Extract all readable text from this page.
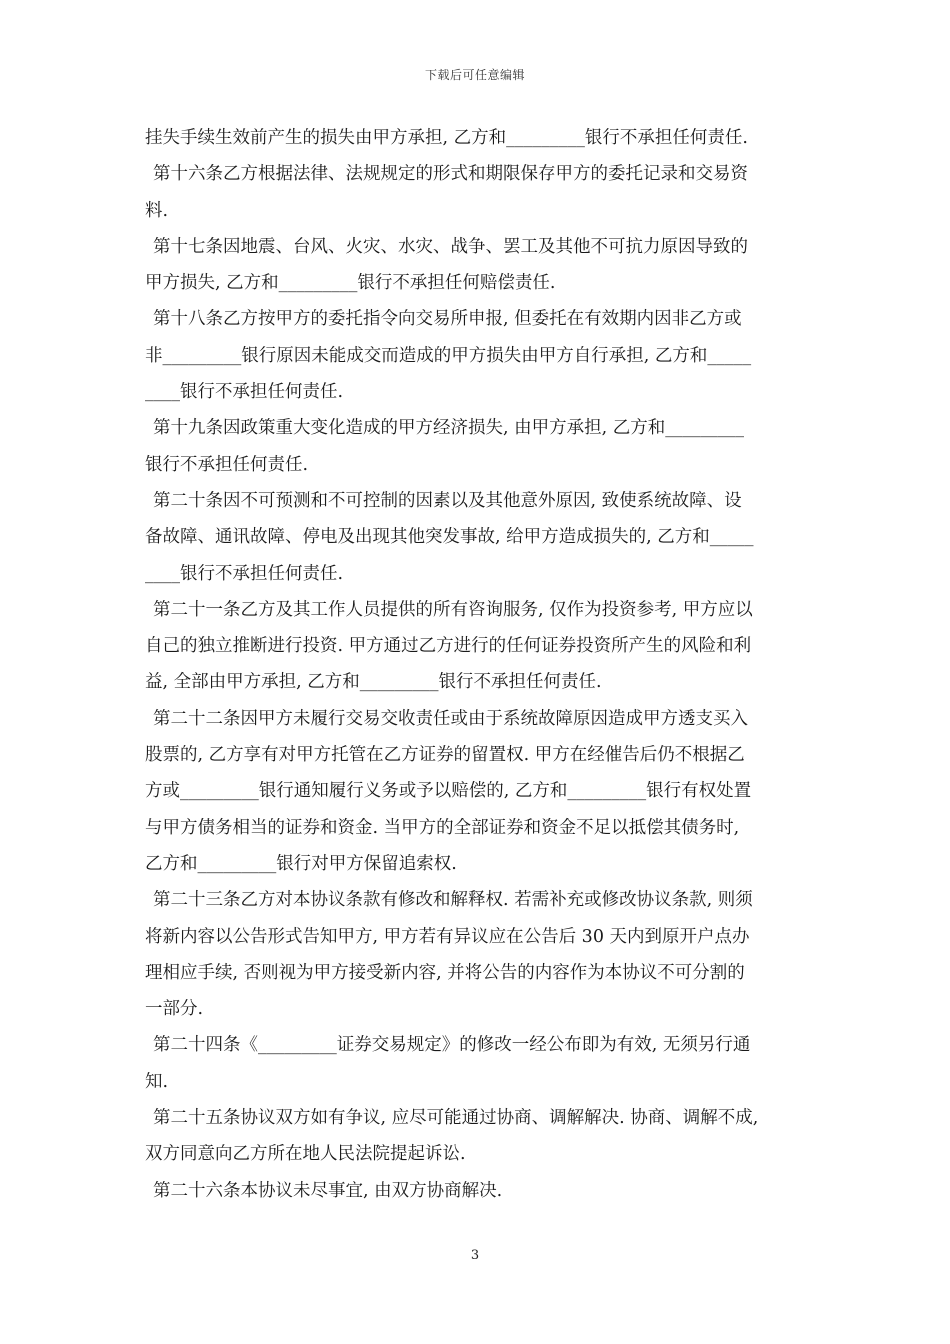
下载后可任意编辑
挂失手续生效前产生的损失由甲方承担, 乙方和_________银行不承担任何责任.
第十六条乙方根据法律、法规规定的形式和期限保存甲方的委托记录和交易资
料.
第十七条因地震、台风、火灾、水灾、战争、罢工及其他不可抗力原因导致的
甲方损失, 乙方和_________银行不承担任何赔偿责任.
第十八条乙方按甲方的委托指令向交易所申报, 但委托在有效期内因非乙方或
非_________银行原因未能成交而造成的甲方损失由甲方自行承担, 乙方和_____
____银行不承担任何责任.
第十九条因政策重大变化造成的甲方经济损失, 由甲方承担, 乙方和_________
银行不承担任何责任.
第二十条因不可预测和不可控制的因素以及其他意外原因, 致使系统故障、设
备故障、通讯故障、停电及出现其他突发事故, 给甲方造成损失的, 乙方和_____
____银行不承担任何责任.
第二十一条乙方及其工作人员提供的所有咨询服务, 仅作为投资参考, 甲方应以
自己的独立推断进行投资. 甲方通过乙方进行的任何证券投资所产生的风险和利
益, 全部由甲方承担, 乙方和_________银行不承担任何责任.
第二十二条因甲方未履行交易交收责任或由于系统故障原因造成甲方透支买入
股票的, 乙方享有对甲方托管在乙方证券的留置权. 甲方在经催告后仍不根据乙
方或_________银行通知履行义务或予以赔偿的, 乙方和_________银行有权处置
与甲方债务相当的证券和资金. 当甲方的全部证券和资金不足以抵偿其债务时,
乙方和_________银行对甲方保留追索权.
第二十三条乙方对本协议条款有修改和解释权. 若需补充或修改协议条款, 则须
将新内容以公告形式告知甲方, 甲方若有异议应在公告后 30 天内到原开户点办
理相应手续, 否则视为甲方接受新内容, 并将公告的内容作为本协议不可分割的
一部分.
第二十四条《_________证券交易规定》的修改一经公布即为有效, 无须另行通
知.
第二十五条协议双方如有争议, 应尽可能通过协商、调解解决. 协商、调解不成,
双方同意向乙方所在地人民法院提起诉讼.
第二十六条本协议未尽事宜, 由双方协商解决.
3
